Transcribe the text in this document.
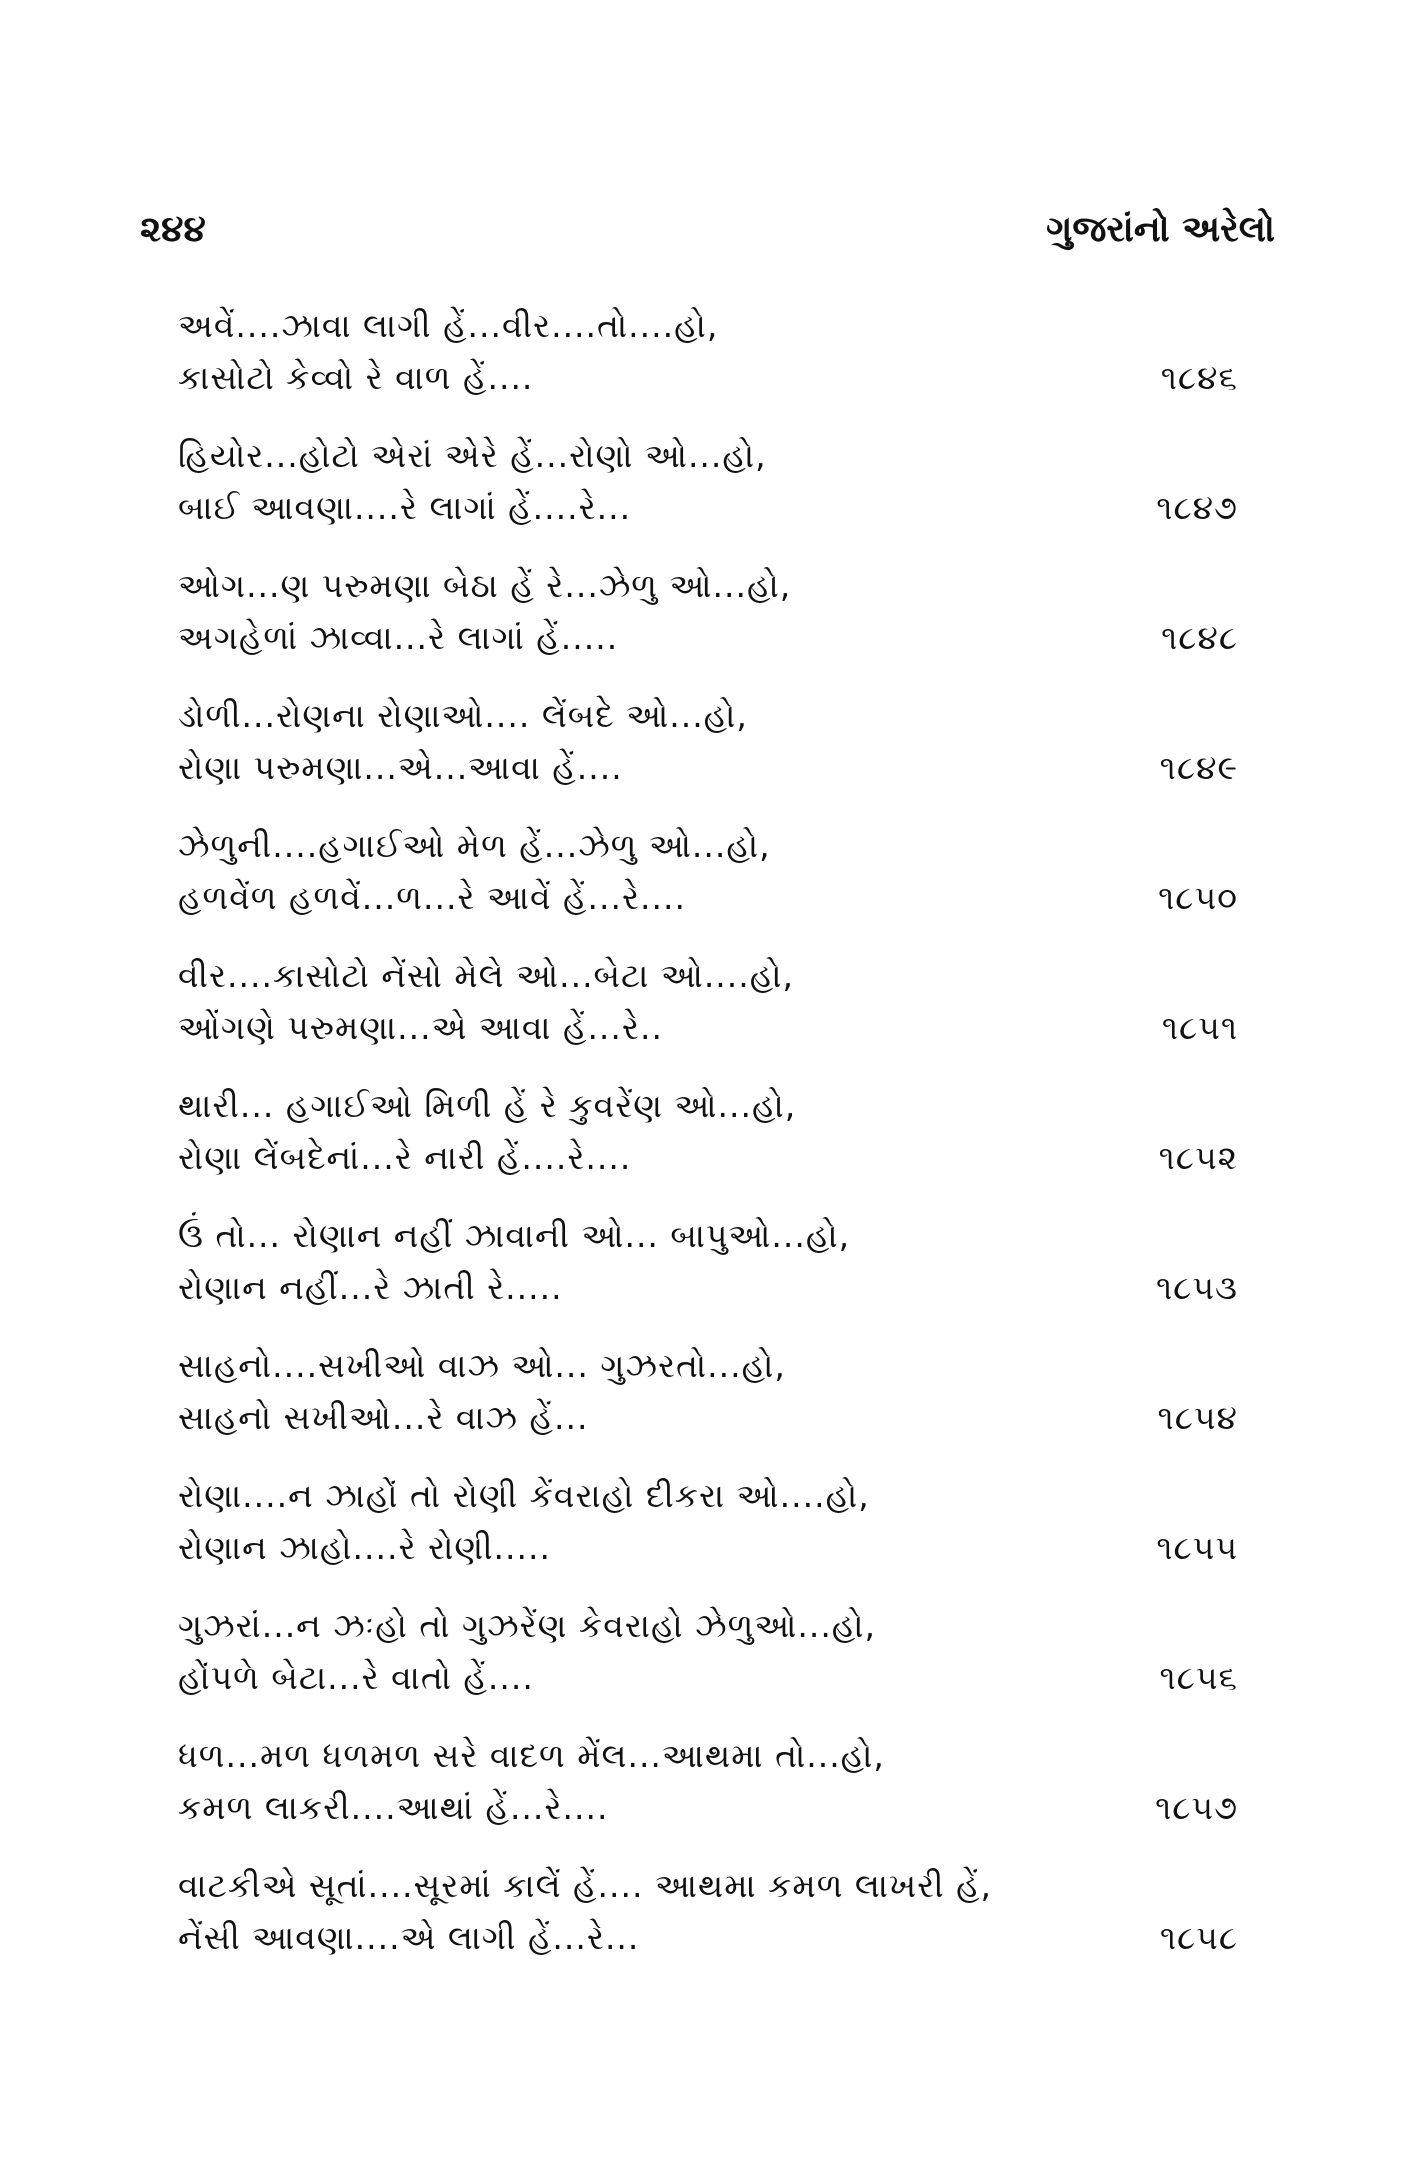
૨૪૪	ગુજરાંનો અરેલો
અવેં....ઝાવા લાગી હેં...વીર....તો....હો,
કાસોટો કેવ્વો રે વાળ હેં....	૧૮૪૬
હિયોર...હોટો એરાં એરે હેં...રોણો ઓ...હો,
બાઈ આવણા....રે લાગાં હેં....રે...	૧૮૪૭
ઓગ...ણ પરુમણા બેઠા હેં રે...ઝેળુ ઓ...હો,
અગહેળાં ઝાવ્વા...રે લાગાં હેં.....	૧૮૪૮
ડોળી...રોણના રોણાઓ.... લેંબદે ઓ...હો,
રોણા પરુમણા...એ...આવા હેં....	૧૮૪૯
ઝેળુની....હગાઈઓ મેળ હેં...ઝેળુ ઓ...હો,
હળવેંળ હળવેં...ળ...રે આવેં હેં...રે....	૧૮૫૦
વીર....કાસોટો નેંસો મેલે ઓ...બેટા ઓ....હો,
ઓંગણે પરુમણા...એ આવા હેં...રે..	૧૮૫૧
થારી... હગાઈઓ મિળી હેં રે કુવરેંણ ઓ...હો,
રોણા લેંબદેનાં...રે નારી હેં....રે....	૧૮૫૨
ઉં તો... રોણાન નહીં ઝાવાની ઓ... બાપુઓ...હો,
રોણાન નહીં...રે ઝાતી રે.....	૧૮૫૩
સાહનો....સખીઓ વાઝ ઓ... ગુઝરતો...હો,
સાહનો સખીઓ...રે વાઝ હેં...	૧૮૫૪
રોણા....ન ઝાહોં તો રોણી કેંવરાહો દીકરા ઓ....હો,
રોણાન ઝાહો....રે રોણી.....	૧૮૫૫
ગુઝરાં...ન ઝઃહો તો ગુઝરેંણ કેવરાહો ઝેળુઓ...હો,
હોંપળે બેટા...રે વાતો હેં....	૧૮૫૬
ધળ...મળ ધળમળ સરે વાદળ મેંલ...આથમા તો...હો,
કમળ લાકરી....આથાં હેં...રે....	૧૮૫૭
વાટકીએ સૂતાં....સૂરમાં કાલેં હેં.... આથમા કમળ લાખરી હેં,
નેંસી આવણા....એ લાગી હેં...રે...	૧૮૫૮
